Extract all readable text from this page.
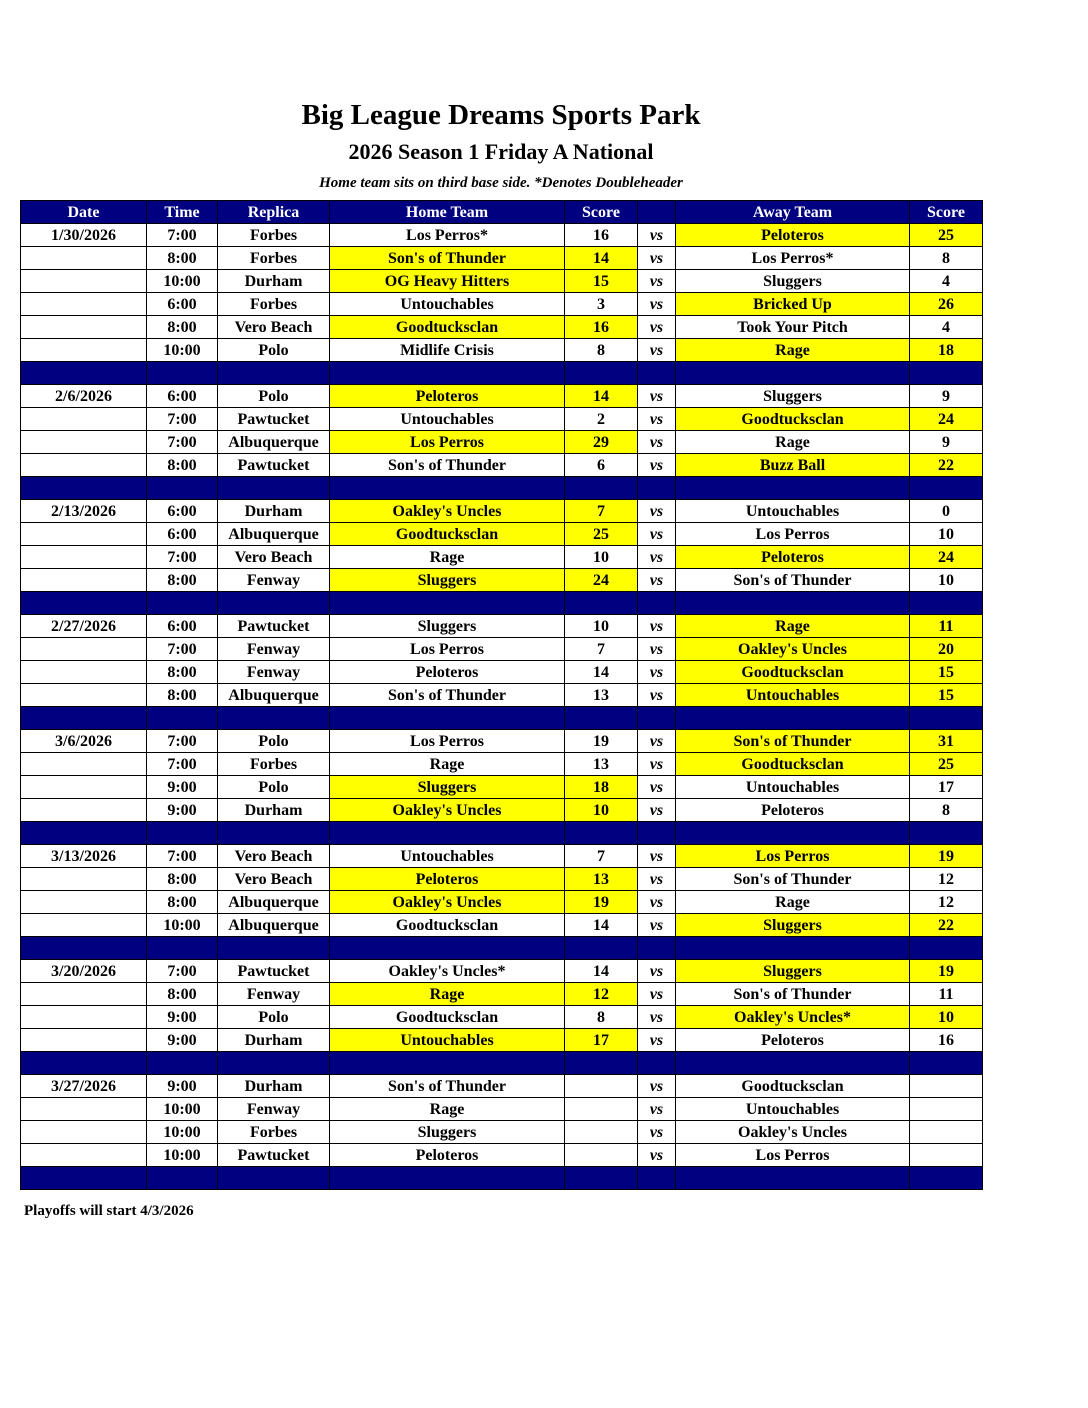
Big League Dreams Sports Park
2026 Season 1 Friday A National
Home team sits on third base side. *Denotes Doubleheader
Date	Time	Replica	Home Team	Score		Away Team	Score
1/30/2026	7:00	Forbes	Los Perros*	16	vs	Peloteros	25
	8:00	Forbes	Son's of Thunder	14	vs	Los Perros*	8
	10:00	Durham	OG Heavy Hitters	15	vs	Sluggers	4
	6:00	Forbes	Untouchables	3	vs	Bricked Up	26
	8:00	Vero Beach	Goodtucksclan	16	vs	Took Your Pitch	4
	10:00	Polo	Midlife Crisis	8	vs	Rage	18

2/6/2026	6:00	Polo	Peloteros	14	vs	Sluggers	9
	7:00	Pawtucket	Untouchables	2	vs	Goodtucksclan	24
	7:00	Albuquerque	Los Perros	29	vs	Rage	9
	8:00	Pawtucket	Son's of Thunder	6	vs	Buzz Ball	22

2/13/2026	6:00	Durham	Oakley's Uncles	7	vs	Untouchables	0
	6:00	Albuquerque	Goodtucksclan	25	vs	Los Perros	10
	7:00	Vero Beach	Rage	10	vs	Peloteros	24
	8:00	Fenway	Sluggers	24	vs	Son's of Thunder	10

2/27/2026	6:00	Pawtucket	Sluggers	10	vs	Rage	11
	7:00	Fenway	Los Perros	7	vs	Oakley's Uncles	20
	8:00	Fenway	Peloteros	14	vs	Goodtucksclan	15
	8:00	Albuquerque	Son's of Thunder	13	vs	Untouchables	15

3/6/2026	7:00	Polo	Los Perros	19	vs	Son's of Thunder	31
	7:00	Forbes	Rage	13	vs	Goodtucksclan	25
	9:00	Polo	Sluggers	18	vs	Untouchables	17
	9:00	Durham	Oakley's Uncles	10	vs	Peloteros	8

3/13/2026	7:00	Vero Beach	Untouchables	7	vs	Los Perros	19
	8:00	Vero Beach	Peloteros	13	vs	Son's of Thunder	12
	8:00	Albuquerque	Oakley's Uncles	19	vs	Rage	12
	10:00	Albuquerque	Goodtucksclan	14	vs	Sluggers	22

3/20/2026	7:00	Pawtucket	Oakley's Uncles*	14	vs	Sluggers	19
	8:00	Fenway	Rage	12	vs	Son's of Thunder	11
	9:00	Polo	Goodtucksclan	8	vs	Oakley's Uncles*	10
	9:00	Durham	Untouchables	17	vs	Peloteros	16

3/27/2026	9:00	Durham	Son's of Thunder		vs	Goodtucksclan	
	10:00	Fenway	Rage		vs	Untouchables	
	10:00	Forbes	Sluggers		vs	Oakley's Uncles	
	10:00	Pawtucket	Peloteros		vs	Los Perros	

Playoffs will start 4/3/2026
